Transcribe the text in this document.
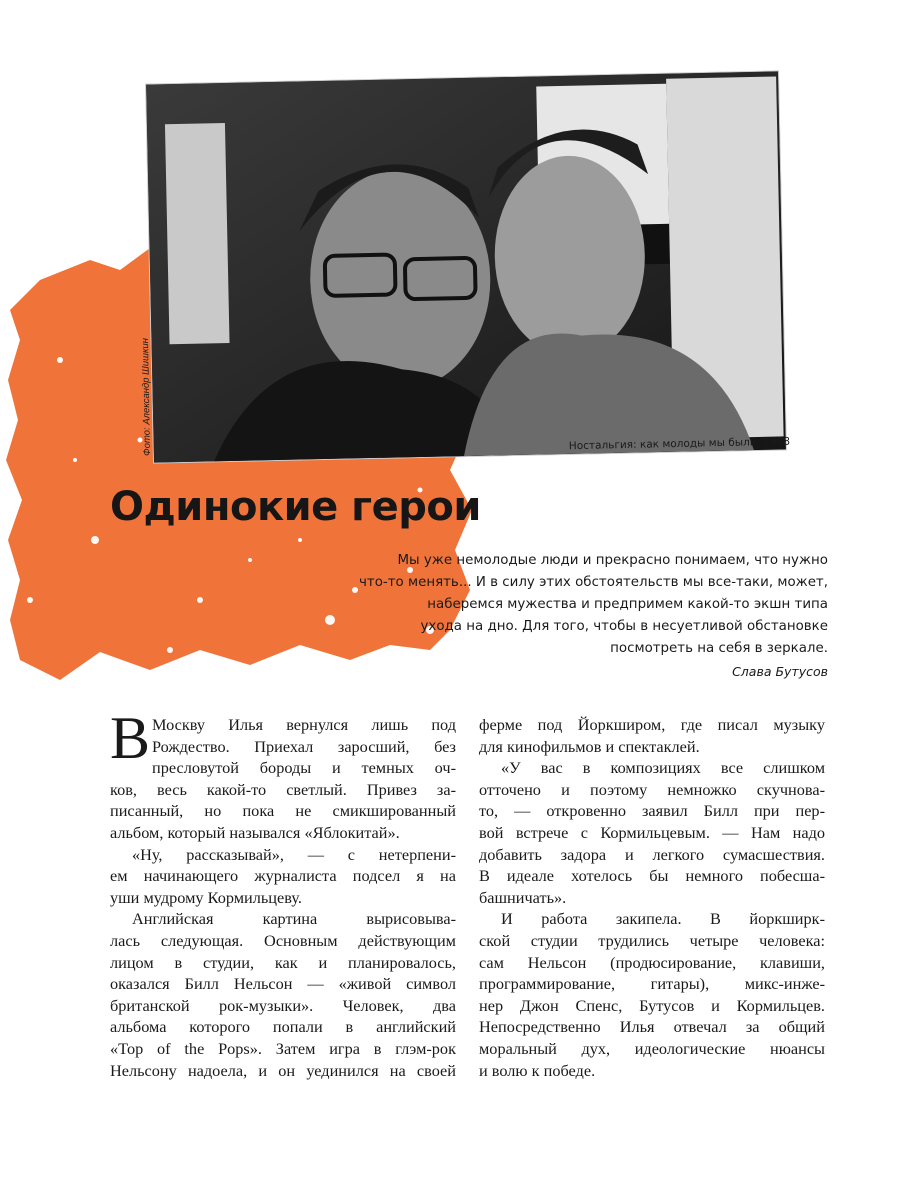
Фото: Александр Шишкин	Ностальгия: как молоды мы были, 1988
Одинокие герои
Мы уже немолодые люди и прекрасно понимаем, что нужно
что-то менять... И в силу этих обстоятельств мы все-таки, может,
наберемся мужества и предпримем какой-то экшн типа
ухода на дно. Для того, чтобы в несуетливой обстановке
посмотреть на себя в зеркале.
Слава Бутусов
В Москву Илья вернулся лишь под
Рождество. Приехал заросший, без
пресловутой бороды и темных оч-
ков, весь какой-то светлый. Привез за-
писанный, но пока не смикшированный
альбом, который назывался «Яблокитай».
«Ну, рассказывай», — с нетерпени-
ем начинающего журналиста подсел я на
уши мудрому Кормильцеву.
Английская картина вырисовыва-
лась следующая. Основным действующим
лицом в студии, как и планировалось,
оказался Билл Нельсон — «живой символ
британской рок-музыки». Человек, два
альбома которого попали в английский
«Top of the Pops». Затем игра в глэм-рок
Нельсону надоела, и он уединился на своей
ферме под Йоркширом, где писал музыку
для кинофильмов и спектаклей.
«У вас в композициях все слишком
отточено и поэтому немножко скучнова-
то, — откровенно заявил Билл при пер-
вой встрече с Кормильцевым. — Нам надо
добавить задора и легкого сумасшествия.
В идеале хотелось бы немного побесша-
башничать».
И работа закипела. В йоркширк-
ской студии трудились четыре человека:
сам Нельсон (продюсирование, клавиши,
программирование, гитары), микс-инже-
нер Джон Спенс, Бутусов и Кормильцев.
Непосредственно Илья отвечал за общий
моральный дух, идеологические нюансы
и волю к победе.
